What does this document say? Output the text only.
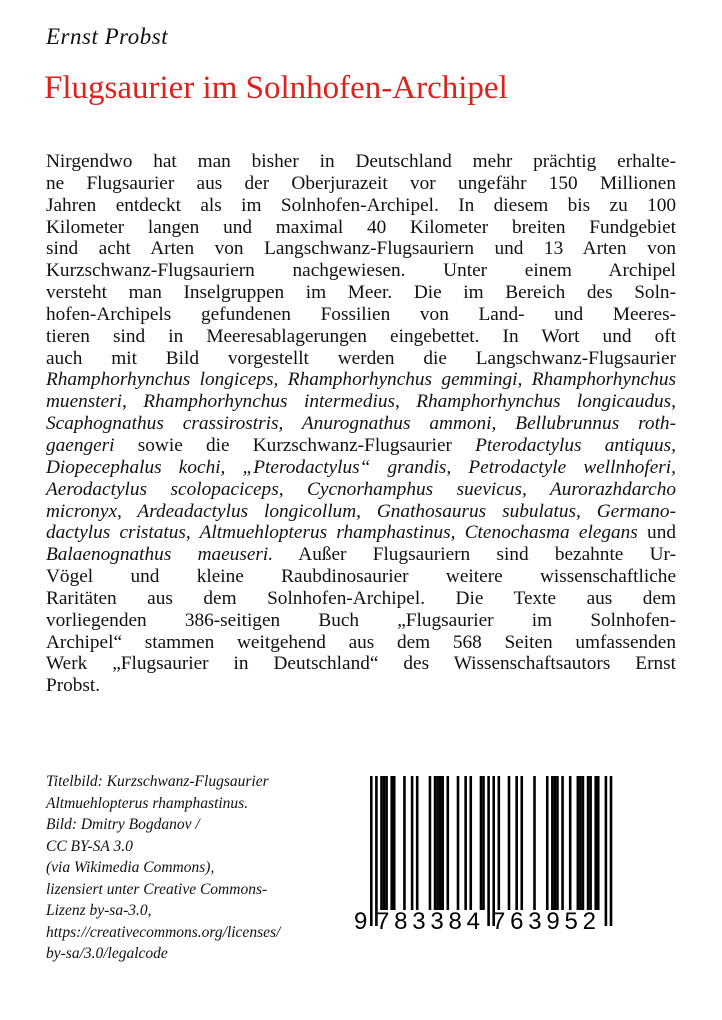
Ernst Probst
Flugsaurier im Solnhofen-Archipel
Nirgendwo hat man bisher in Deutschland mehr prächtig erhalte-
ne Flugsaurier aus der Oberjurazeit vor ungefähr 150 Millionen
Jahren entdeckt als im Solnhofen-Archipel. In diesem bis zu 100
Kilometer langen und maximal 40 Kilometer breiten Fundgebiet
sind acht Arten von Langschwanz-Flugsauriern und 13 Arten von
Kurzschwanz-Flugsauriern nachgewiesen. Unter einem Archipel
versteht man Inselgruppen im Meer. Die im Bereich des Soln-
hofen-Archipels gefundenen Fossilien von Land- und Meeres-
tieren sind in Meeresablagerungen eingebettet. In Wort und oft
auch mit Bild vorgestellt werden die Langschwanz-Flugsaurier
Rhamphorhynchus longiceps, Rhamphorhynchus gemmingi, Rhamphorhynchus
muensteri, Rhamphorhynchus intermedius, Rhamphorhynchus longicaudus,
Scaphognathus crassirostris, Anurognathus ammoni, Bellubrunnus roth-
gaengeri sowie die Kurzschwanz-Flugsaurier Pterodactylus antiquus,
Diopecephalus kochi, „Pterodactylus“ grandis, Petrodactyle wellnhoferi,
Aerodactylus scolopaciceps, Cycnorhamphus suevicus, Aurorazhdarcho
micronyx, Ardeadactylus longicollum, Gnathosaurus subulatus, Germano-
dactylus cristatus, Altmuehlopterus rhamphastinus, Ctenochasma elegans und
Balaenognathus maeuseri. Außer Flugsauriern sind bezahnte Ur-
Vögel und kleine Raubdinosaurier weitere wissenschaftliche
Raritäten aus dem Solnhofen-Archipel. Die Texte aus dem
vorliegenden 386-seitigen Buch „Flugsaurier im Solnhofen-
Archipel“ stammen weitgehend aus dem 568 Seiten umfassenden
Werk „Flugsaurier in Deutschland“ des Wissenschaftsautors Ernst
Probst.
Titelbild: Kurzschwanz-Flugsaurier
Altmuehlopterus rhamphastinus.
Bild: Dmitry Bogdanov /
CC BY-SA 3.0
(via Wikimedia Commons),
lizensiert unter Creative Commons-
Lizenz by-sa-3.0,
https://creativecommons.org/licenses/
by-sa/3.0/legalcode
9 783384 763952
